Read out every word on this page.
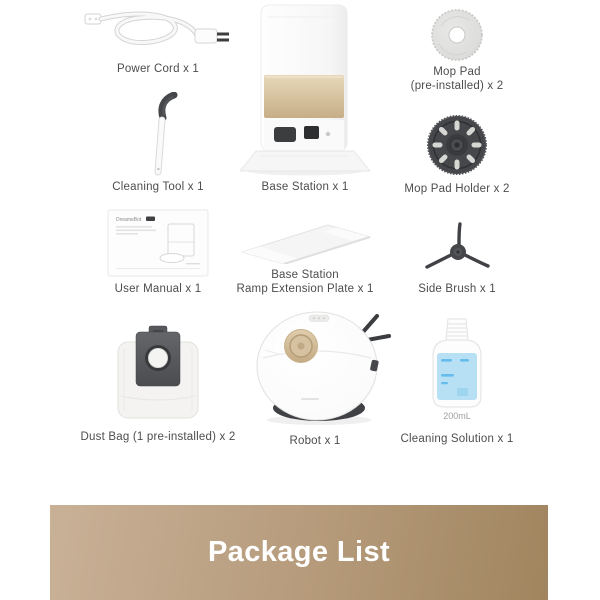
Power Cord x 1
Base Station x 1
Mop Pad
(pre-installed) x 2
Cleaning Tool x 1	Mop Pad Holder x 2
DreameBot
User Manual x 1
Base Station
Ramp Extension Plate x 1	Side Brush x 1
Dust Bag (1 pre-installed) x 2	Robot x 1
200mL
Cleaning Solution x 1
Package List
